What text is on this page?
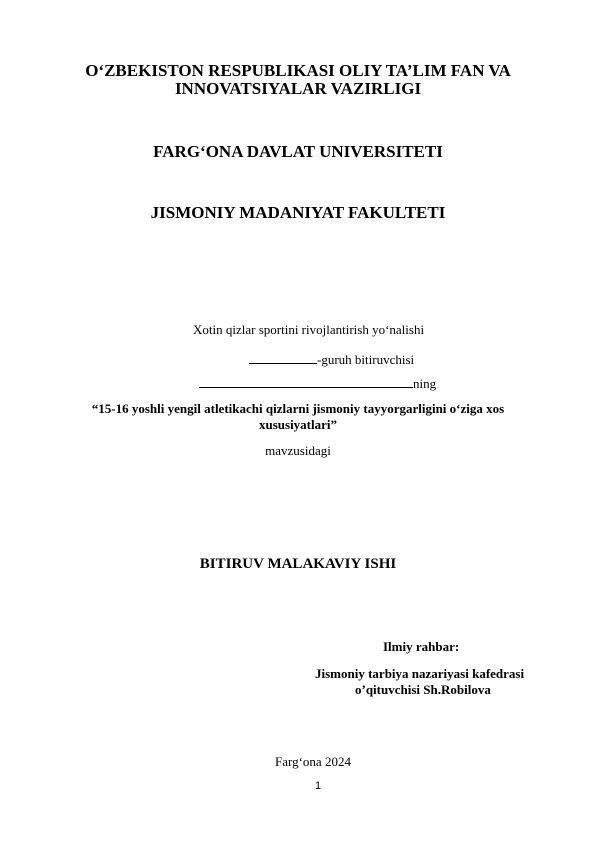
O‘ZBEKISTON RESPUBLIKASI OLIY TA’LIM FAN VA
INNOVATSIYALAR VAZIRLIGI
FARG‘ONA DAVLAT UNIVERSITETI
JISMONIY MADANIYAT FAKULTETI
Xotin qizlar sportini rivojlantirish yo‘nalishi
-guruh bitiruvchisi
ning
“15-16 yoshli yengil atletikachi qizlarni jismoniy tayyorgarligini o‘ziga xos
xususiyatlari”
mavzusidagi
BITIRUV MALAKAVIY ISHI
Ilmiy rahbar:
Jismoniy tarbiya nazariyasi kafedrasi
o’qituvchisi Sh.Robilova
Farg‘ona 2024
1
